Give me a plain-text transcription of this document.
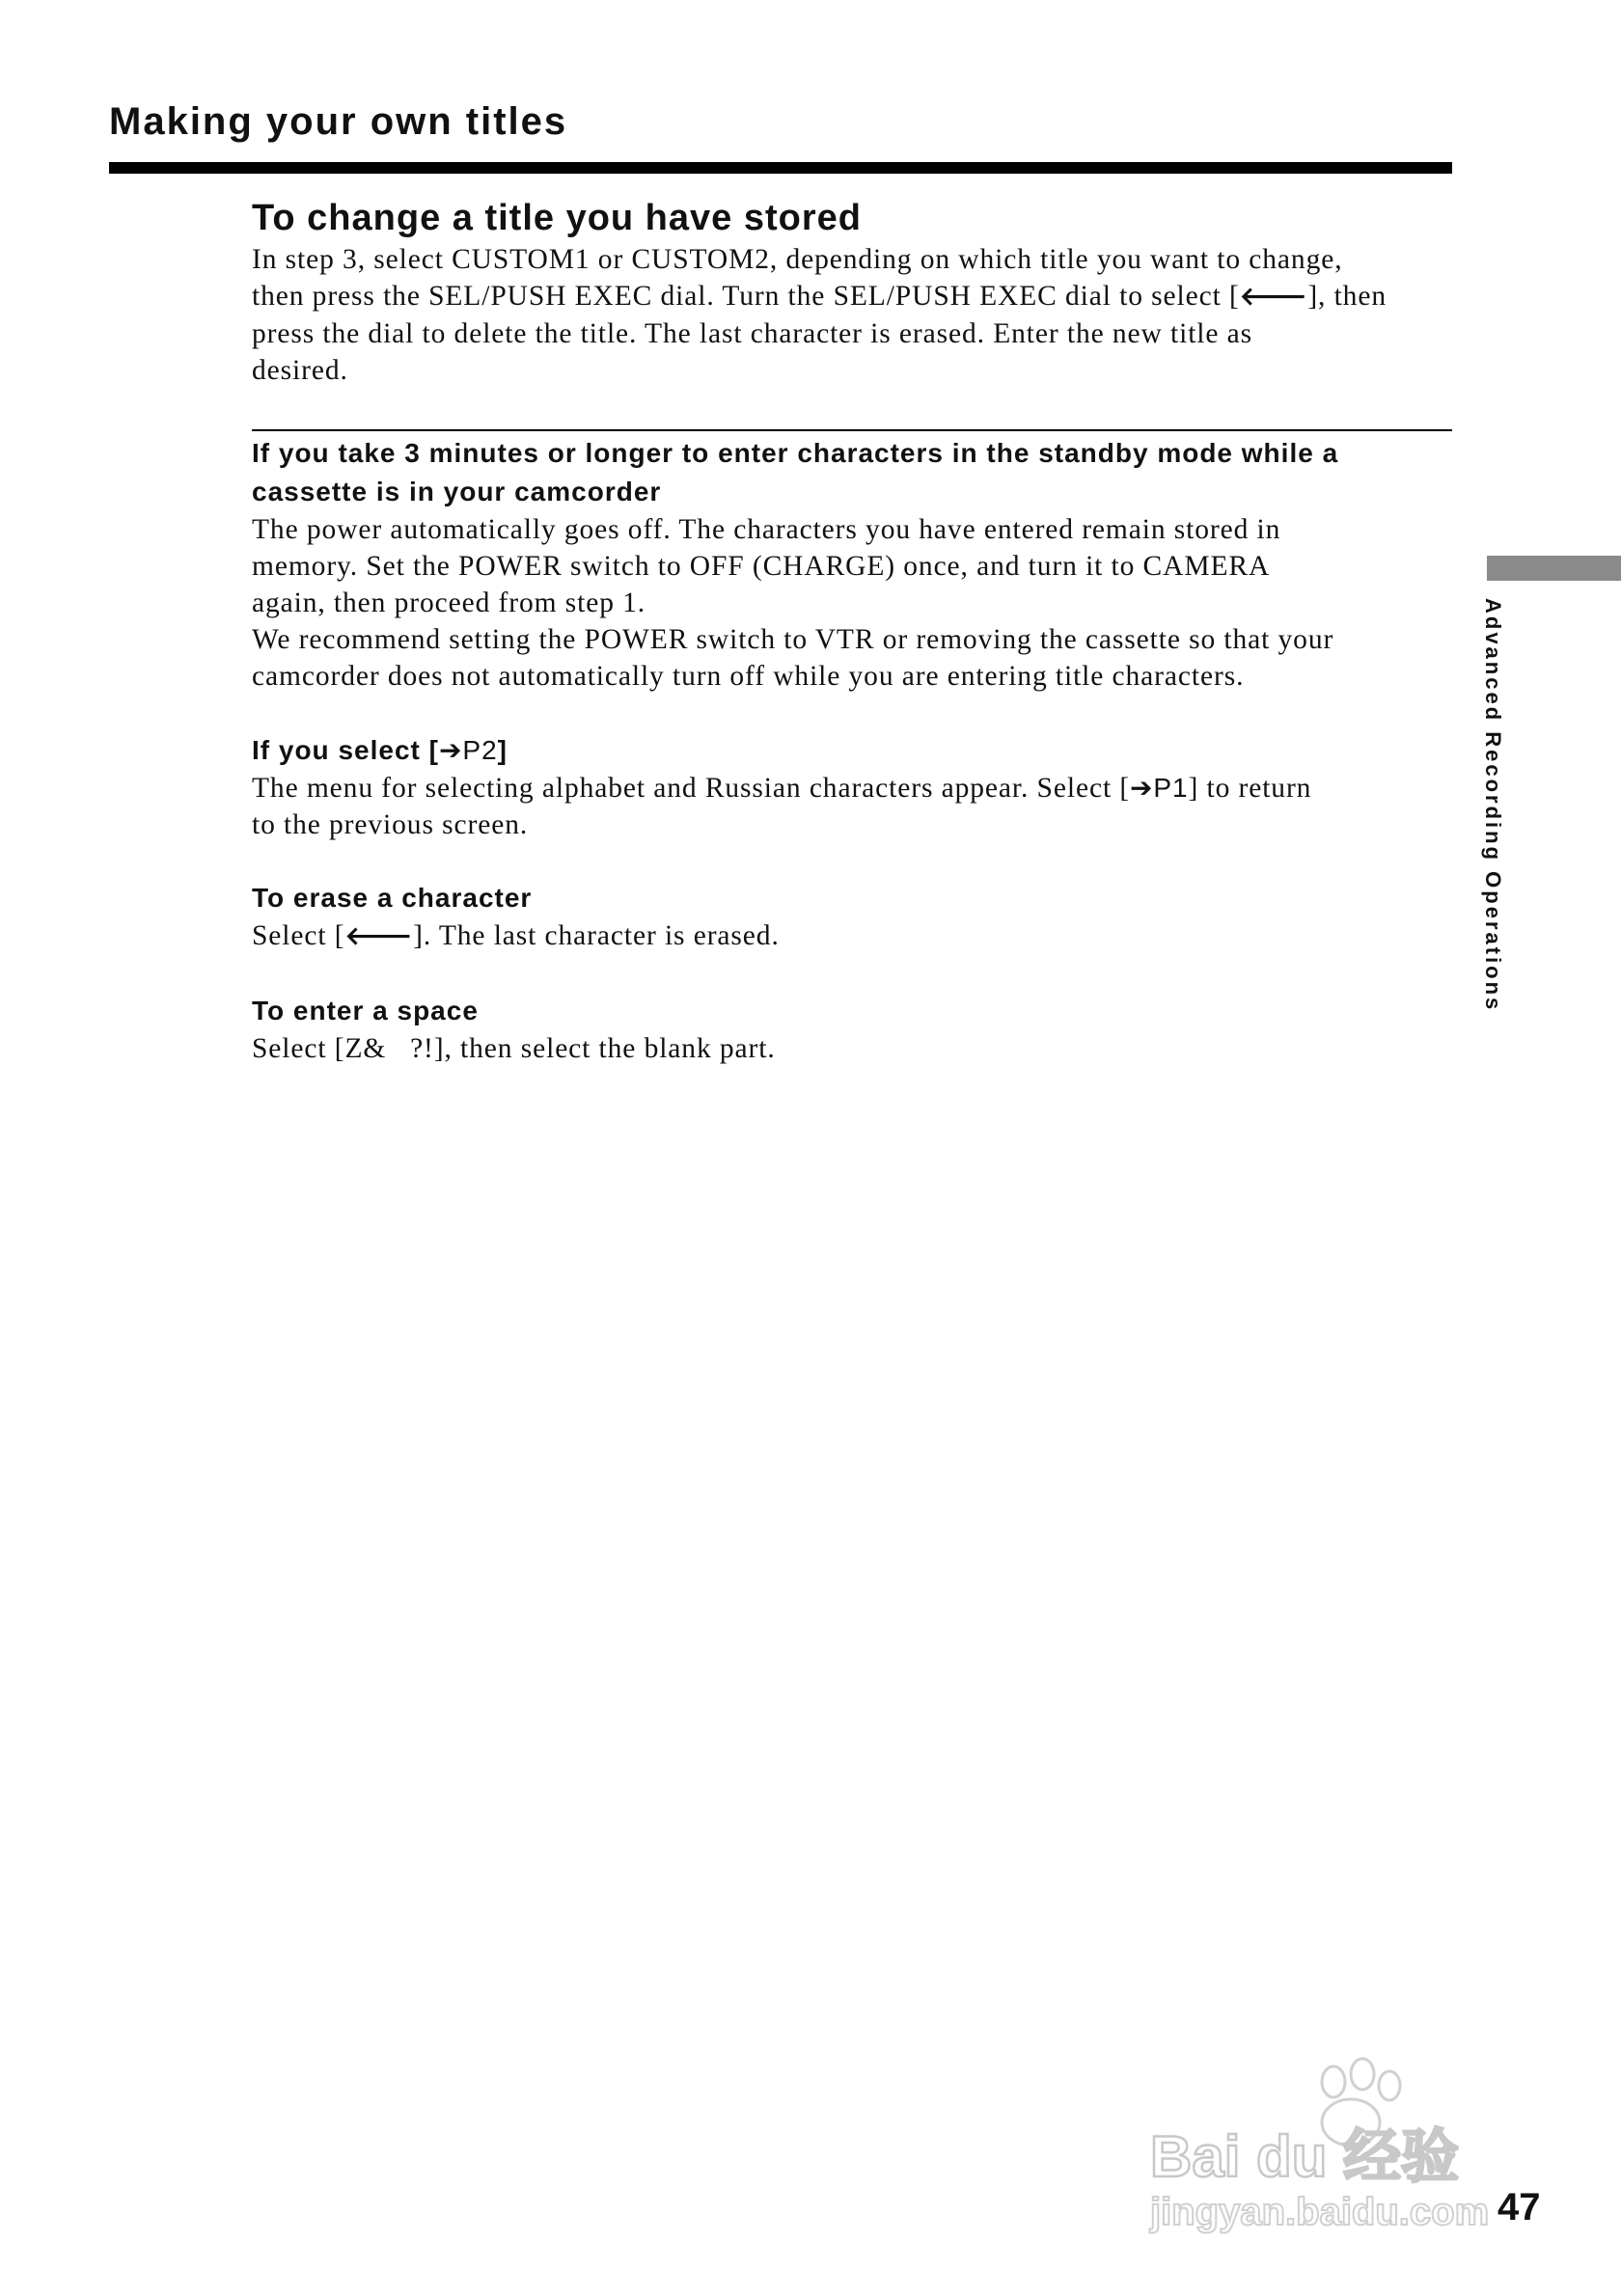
Making your own titles
To change a title you have stored
In step 3, select CUSTOM1 or CUSTOM2, depending on which title you want to change,
then press the SEL/PUSH EXEC dial. Turn the SEL/PUSH EXEC dial to select [🡐], then
press the dial to delete the title. The last character is erased. Enter the new title as
desired.
If you take 3 minutes or longer to enter characters in the standby mode while a
cassette is in your camcorder
The power automatically goes off. The characters you have entered remain stored in
memory. Set the POWER switch to OFF (CHARGE) once, and turn it to CAMERA
again, then proceed from step 1.
We recommend setting the POWER switch to VTR or removing the cassette so that your
camcorder does not automatically turn off while you are entering title characters.
If you select [➔P2]
The menu for selecting alphabet and Russian characters appear. Select [➔P1] to return
to the previous screen.
To erase a character
Select [🡐]. The last character is erased.
To enter a space
Select [Z&   ?!], then select the blank part.
Advanced Recording Operations
Bai du 经验
jingyan.baidu.com 47
